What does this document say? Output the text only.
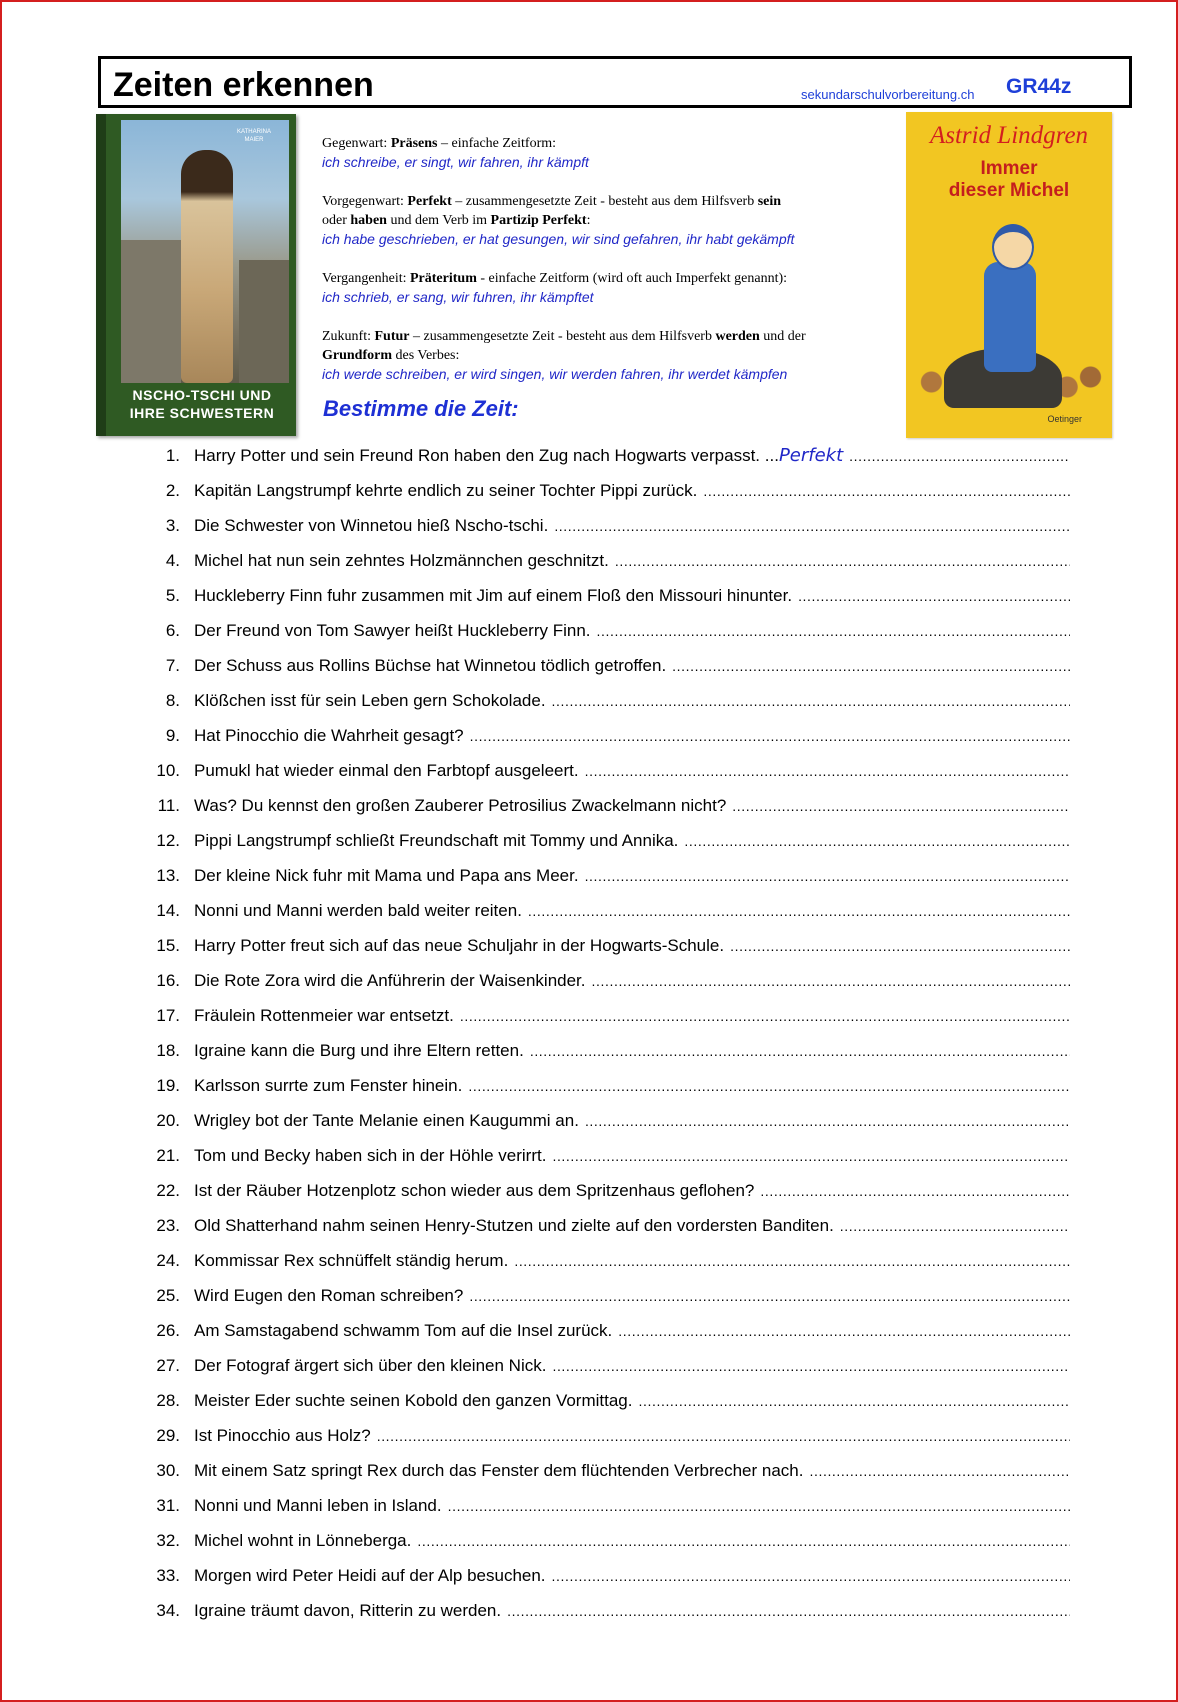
Zeiten erkennen	sekundarschulvorbereitung.ch GR44z
KATHARINA MAIER
NSCHO-TSCHI UND
IHRE SCHWESTERN
Gegenwart: Präsens – einfache Zeitform:
ich schreibe, er singt, wir fahren, ihr kämpft
Vorgegenwart: Perfekt – zusammengesetzte Zeit - besteht aus dem Hilfsverb sein
oder haben und dem Verb im Partizip Perfekt:
ich habe geschrieben, er hat gesungen, wir sind gefahren, ihr habt gekämpft
Vergangenheit: Präteritum - einfache Zeitform (wird oft auch Imperfekt genannt):
ich schrieb, er sang, wir fuhren, ihr kämpftet
Zukunft: Futur – zusammengesetzte Zeit - besteht aus dem Hilfsverb werden und der
Grundform des Verbes:
ich werde schreiben, er wird singen, wir werden fahren, ihr werdet kämpfen
Bestimme die Zeit:
Astrid Lindgren
Immer
dieser Michel
Oetinger
1. Harry Potter und sein Freund Ron haben den Zug nach Hogwarts verpasst. ... Perfekt
.....
2. Kapitän Langstrumpf kehrte endlich zu seiner Tochter Pippi zurück.
.....
3. Die Schwester von Winnetou hieß Nscho-tschi.
.....
4. Michel hat nun sein zehntes Holzmännchen geschnitzt.
.....
5. Huckleberry Finn fuhr zusammen mit Jim auf einem Floß den Missouri hinunter.
.....
6. Der Freund von Tom Sawyer heißt Huckleberry Finn.
.....
7. Der Schuss aus Rollins Büchse hat Winnetou tödlich getroffen.
.....
8. Klößchen isst für sein Leben gern Schokolade.
.....
9. Hat Pinocchio die Wahrheit gesagt?
.....
10. Pumukl hat wieder einmal den Farbtopf ausgeleert.
.....
11. Was? Du kennst den großen Zauberer Petrosilius Zwackelmann nicht?
.....
12. Pippi Langstrumpf schließt Freundschaft mit Tommy und Annika.
.....
13. Der kleine Nick fuhr mit Mama und Papa ans Meer.
.....
14. Nonni und Manni werden bald weiter reiten.
.....
15. Harry Potter freut sich auf das neue Schuljahr in der Hogwarts-Schule.
.....
16. Die Rote Zora wird die Anführerin der Waisenkinder.
.....
17. Fräulein Rottenmeier war entsetzt.
.....
18. Igraine kann die Burg und ihre Eltern retten.
.....
19. Karlsson surrte zum Fenster hinein.
.....
20. Wrigley bot der Tante Melanie einen Kaugummi an.
.....
21. Tom und Becky haben sich in der Höhle verirrt.
.....
22. Ist der Räuber Hotzenplotz schon wieder aus dem Spritzenhaus geflohen?
.....
23. Old Shatterhand nahm seinen Henry-Stutzen und zielte auf den vordersten Banditen.
.....
24. Kommissar Rex schnüffelt ständig herum.
.....
25. Wird Eugen den Roman schreiben?
.....
26. Am Samstagabend schwamm Tom auf die Insel zurück.
.....
27. Der Fotograf ärgert sich über den kleinen Nick.
.....
28. Meister Eder suchte seinen Kobold den ganzen Vormittag.
.....
29. Ist Pinocchio aus Holz?
.....
30. Mit einem Satz springt Rex durch das Fenster dem flüchtenden Verbrecher nach.
.....
31. Nonni und Manni leben in Island.
.....
32. Michel wohnt in Lönneberga.
.....
33. Morgen wird Peter Heidi auf der Alp besuchen.
.....
34. Igraine träumt davon, Ritterin zu werden.
.....
